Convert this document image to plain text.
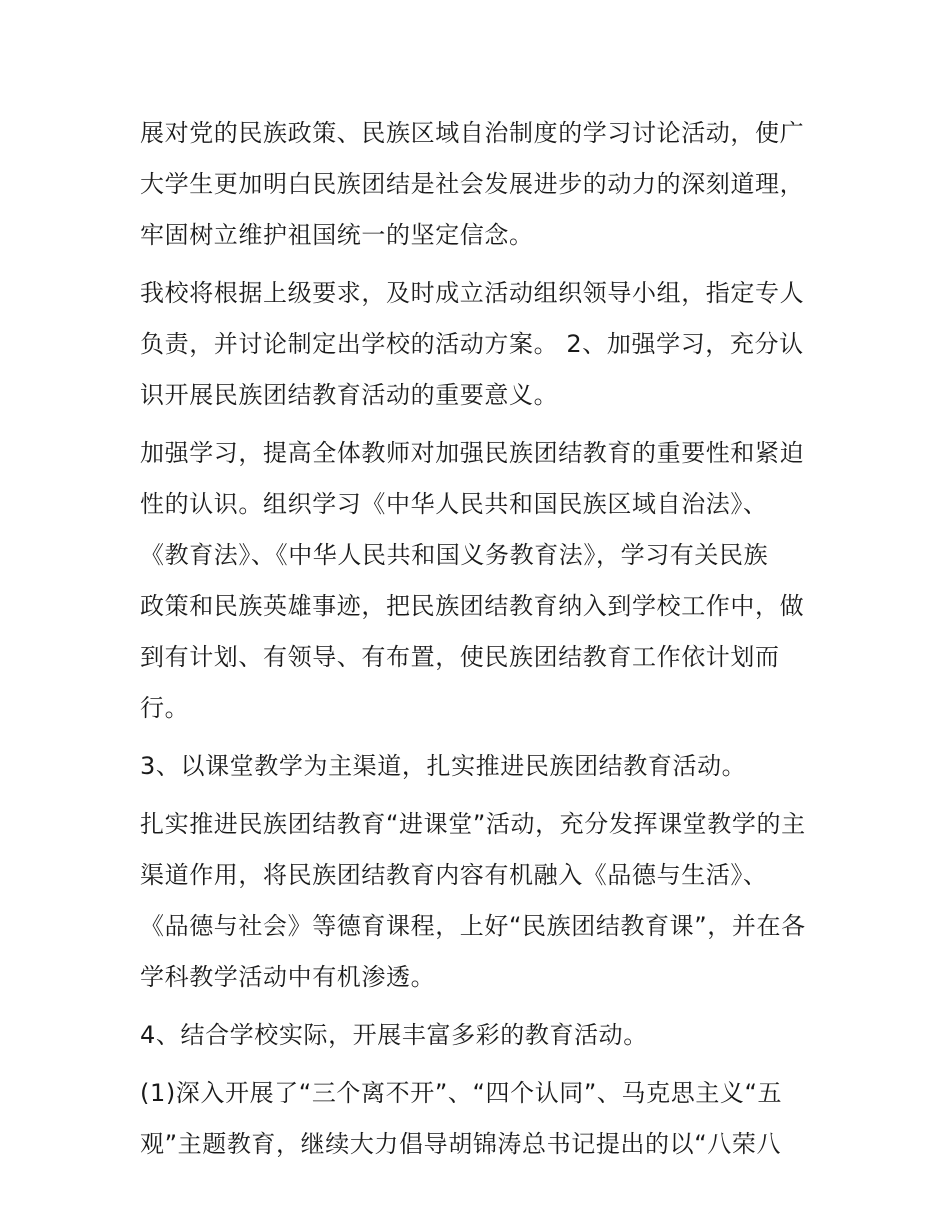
展对党的民族政策、民族区域自治制度的学习讨论活动，使广
大学生更加明白民族团结是社会发展进步的动力的深刻道理，
牢固树立维护祖国统一的坚定信念。
我校将根据上级要求，及时成立活动组织领导小组，指定专人
负责，并讨论制定出学校的活动方案。 2、加强学习，充分认
识开展民族团结教育活动的重要意义。
加强学习，提高全体教师对加强民族团结教育的重要性和紧迫
性的认识。组织学习《中华人民共和国民族区域自治法》、
《教育法》、《中华人民共和国义务教育法》，学习有关民族
政策和民族英雄事迹，把民族团结教育纳入到学校工作中，做
到有计划、有领导、有布置，使民族团结教育工作依计划而
行。
3、以课堂教学为主渠道，扎实推进民族团结教育活动。
扎实推进民族团结教育“进课堂”活动，充分发挥课堂教学的主
渠道作用，将民族团结教育内容有机融入《品德与生活》、
《品德与社会》等德育课程，上好“民族团结教育课”，并在各
学科教学活动中有机渗透。
4、结合学校实际，开展丰富多彩的教育活动。
(1)深入开展了“三个离不开”、“四个认同”、马克思主义“五
观”主题教育，继续大力倡导胡锦涛总书记提出的以“八荣八
